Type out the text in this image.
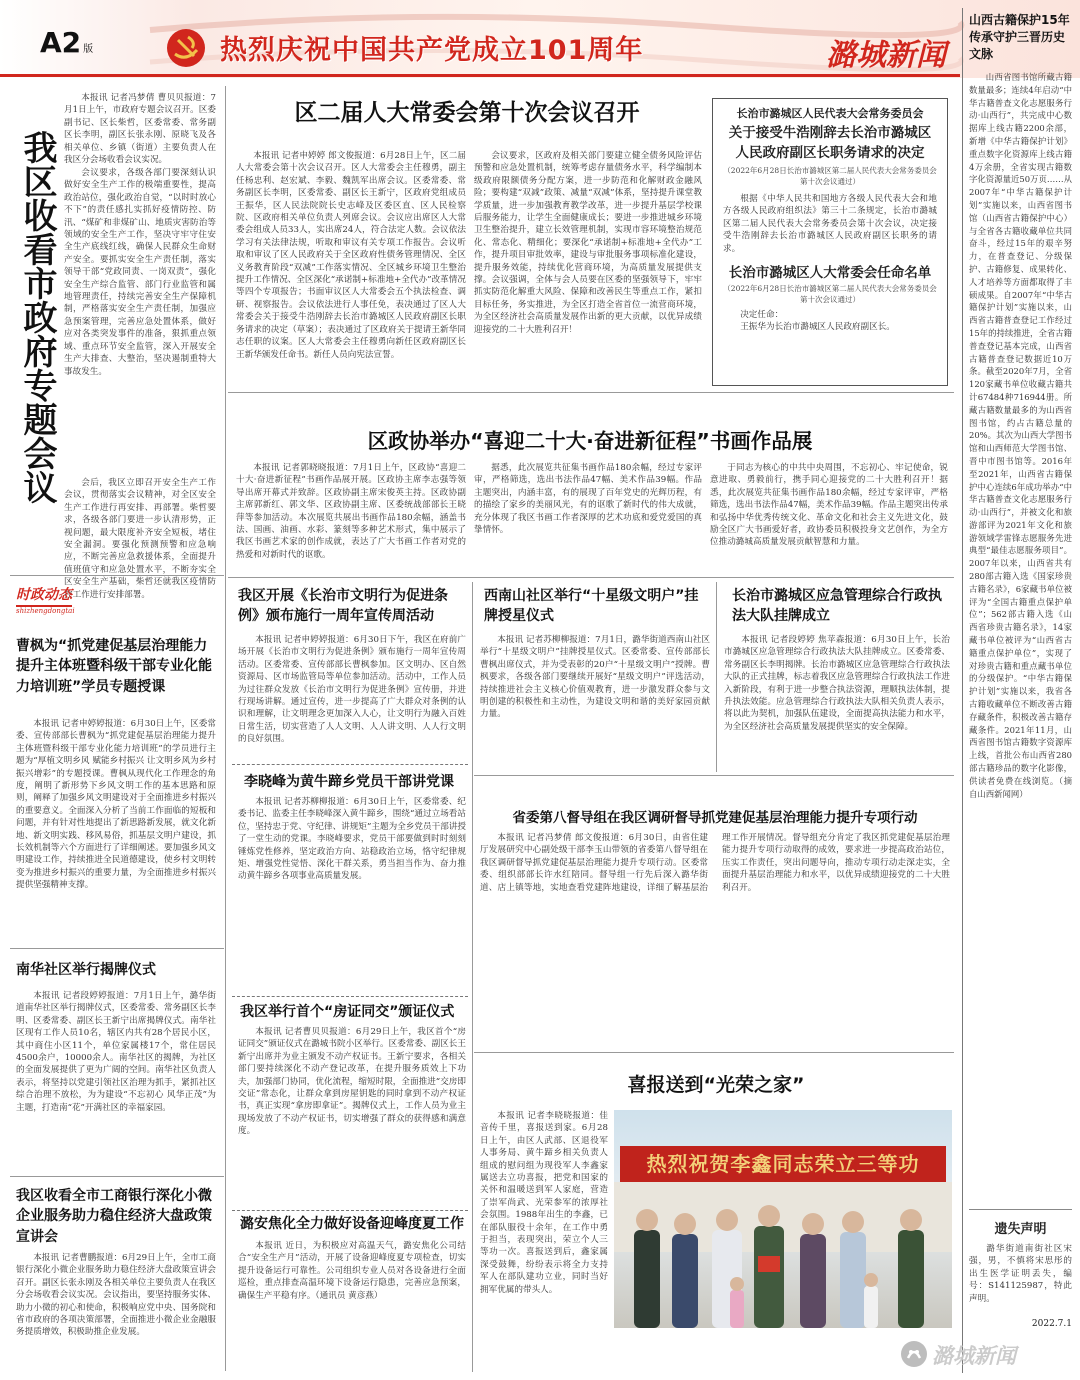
A2 版	热烈庆祝中国共产党成立101周年	潞城新闻
山西古籍保护15年传承守护三晋历史文脉
山西省图书馆所藏古籍数量最多；连续4年启动“中华古籍普查文化志愿服务行动·山西行”，共完成中心数据库上线古籍2200余部，新增《中华古籍保护计划》重点数字化资源库上线古籍4万余册，全省实现古籍数字化资源量近50万页……从2007年“中华古籍保护计划”实施以来，山西省图书馆（山西省古籍保护中心）与全省各古籍收藏单位共同奋斗，经过15年的艰辛努力，在普查登记、分级保护、古籍修复、成果转化、人才培养等方面都取得了丰硕成果。自2007年“中华古籍保护计划”实施以来，山西省古籍普查登记工作经过15年的持续推进，全省古籍普查登记基本完成，山西省古籍普查登记数据近10万条。截至2020年7月，全省120家藏书单位收藏古籍共计67484种716944册。所藏古籍数量最多的为山西省图书馆，约占古籍总量的20%。其次为山西大学图书馆和山西师范大学图书馆、晋中市图书馆等。2016年至2021年，山西省古籍保护中心连续6年成功举办“中华古籍普查文化志愿服务行动·山西行”，并被文化和旅游部评为2021年文化和旅游领域学雷锋志愿服务先进典型“最佳志愿服务项目”。2007年以来，山西省共有280部古籍入选《国家珍贵古籍名录》，6家藏书单位被评为“全国古籍重点保护单位”；562部古籍入选《山西省珍贵古籍名录》，14家藏书单位被评为“山西省古籍重点保护单位”，实现了对珍贵古籍和重点藏书单位的分级保护。“中华古籍保护计划”实施以来，我省各古籍收藏单位不断改善古籍存藏条件，积极改善古籍存藏条件。2021年11月，山西省图书馆古籍数字资源库上线，首批公布山西省280部古籍珍品的数字化影像，供读者免费在线浏览。（摘自山西新闻网）
遗失声明
潞华街道南街社区宋强，男，不慎将宋思彤的出生医学证明丢失，编号：S141125987，特此声明。
2022.7.1
我区收看市政府专题会议
本报讯 记者冯梦倩 曹贝贝报道：7月1日上午，市政府专题会议召开。区委副书记、区长柴哲，区委常委、常务副区长李明，副区长张永刚、原晓飞及各相关单位、乡镇（街道）主要负责人在我区分会场收看会议实况。
会议要求，各级各部门要深刻认识做好安全生产工作的极端重要性，提高政治站位，强化政治自觉，“以时时放心不下”的责任感扎实抓好疫情防控、防汛、“煤矿和非煤矿山、地质灾害防治等领域的安全生产工作，坚决守牢守住安全生产底线红线，确保人民群众生命财产安全。要抓实安全生产责任制，落实领导干部“党政同责、一岗双责”，强化安全生产综合监管、部门行业监管和属地管理责任，持续完善安全生产保障机制，严格落实安全生产责任制，加强应急预案管理，完善应急处置体系，做好应对各类突发事件的准备，狠抓重点领域、重点环节安全监管，深入开展安全生产大排查、大整治，坚决遏制重特大事故发生。
会后，我区立即召开安全生产工作会议，贯彻落实会议精神，对全区安全生产工作进行再安排、再部署。柴哲要求，各级各部门要进一步认清形势，正视问题，最大限度补齐安全短板，堵住安全漏洞。要强化预测预警和应急响应，不断完善应急救援体系，全面提升值班值守和应急处置水平，不断夯实全区安全生产基础，柴哲还就我区疫情防控工作进行安排部署。
时政动态
shizhengdongtai
曹枫为“抓党建促基层治理能力提升主体班暨科级干部专业化能力培训班”学员专题授课
本报讯 记者申婷婷报道：6月30日上午，区委常委、宣传部部长曹枫为“抓党建促基层治理能力提升主体班暨科级干部专业化能力培训班”的学员进行主题为“厚植文明乡风 赋能乡村振兴 让文明乡风为乡村振兴增彩”的专题授课。曹枫从现代化工作理念的角度，阐明了新形势下乡风文明工作的基本思路和原则，阐释了加强乡风文明建设对于全面推进乡村振兴的重要意义。全面深入分析了当前工作面临的短板和问题，并有针对性地提出了新思路新发展，就文化新地、新文明实践、移风易俗，抓基层文明户建设，抓长效机制等六个方面进行了详细阐述。要加强乡风文明建设工作，持续推进全民道德建设，使乡村文明转变为推进乡村振兴的重要力量，为全面推进乡村振兴提供坚强精神支撑。
南华社区举行揭牌仪式
本报讯 记者段婷婷报道：7月1日上午，潞华街道南华社区举行揭牌仪式，区委常委、常务副区长李明、区委常委、副区长王新宁出席揭牌仪式。南华社区现有工作人员10名，辖区内共有28个居民小区，其中商住小区11个，单位家属楼17个，常住居民4500余户，10000余人。南华社区的揭牌，为社区的全面发展提供了更为广阔的空间。南华社区负责人表示，将坚持以党建引领社区治理为抓手，紧抓社区综合治理不放松，为为建设“不忘初心 风华正茂”为主题，打造南“花”开满社区的幸福家园。
我区收看全市工商银行深化小微企业服务助力稳住经济大盘政策宣讲会
本报讯 记者曹鹏报道：6月29日上午，全市工商银行深化小微企业服务助力稳住经济大盘政策宣讲会召开。副区长张永刚及各相关单位主要负责人在我区分会场收看会议实况。会议指出，要坚持服务实体、助力小微的初心和使命，积极响应党中央、国务院和省市政府的各项决策部署，全面推进小微企业金融服务提质增效，积极助推企业发展。
区二届人大常委会第十次会议召开
本报讯 记者申婷婷 郎文俊报道：6月28日上午，区二届人大常委会第十次会议召开。区人大常委会主任穆勇，副主任杨忠利、赵宏斌、李毅、魏凯军出席会议。区委常委、常务副区长李明，区委常委、副区长王新宁，区政府党组成员王振华，区人民法院院长史志峰及区委区直、区人民检察院、区政府相关单位负责人列席会议。会议应出席区人大常委会组成人员33人，实出席24人，符合法定人数。会议依法学习有关法律法规，听取和审议有关专项工作报告。会议听取和审议了区人民政府关于全区政府性债务管理情况、全区义务教育阶段“双减”工作落实情况、全区城乡环境卫生整治提升工作情况、全区深化“承诺制+标准地+全代办”改革情况等四个专项报告；书面审议区人大常委会五个执法检查、调研、视察报告。会议依法进行人事任免，表决通过了区人大常委会关于接受牛浩刚辞去长治市潞城区人民政府副区长职务请求的决定（草案）；表决通过了区政府关于提请王新华同志任职的议案。区人大常委会主任穆勇向新任区政府副区长王新华颁发任命书。新任人员向宪法宣誓。
会议要求，区政府及相关部门要建立健全债务风险评估预警和应急处置机制，统筹考虑存量债务水平，科学编制本级政府限额债务分配方案，进一步防范和化解财政金融风险；要构建“双减”政策、减量“双减”体系，坚持提升课堂教学质量，进一步加强教育教学改革，进一步提升基层学校课后服务能力，让学生全面健康成长；要进一步推进城乡环境卫生整治提升，建立长效管理机制，实现市容环境整治规范化、常态化、精细化；要深化“承诺制+标准地+全代办”工作，提升项目审批效率，建设与审批服务事项标准化建设，提升服务效能，持续优化营商环境，为高质量发展提供支撑。会议强调，全体与会人员要在区委的坚强领导下，牢牢抓实防范化解重大风险、保障和改善民生等重点工作，紧扣目标任务，务实推进，为全区打造全省首位一流营商环境，为全区经济社会高质量发展作出新的更大贡献，以优异成绩迎接党的二十大胜利召开！
长治市潞城区人民代表大会常务委员会
关于接受牛浩刚辞去长治市潞城区人民政府副区长职务请求的决定
（2022年6月28日长治市潞城区第二届人民代表大会常务委员会第十次会议通过）
根据《中华人民共和国地方各级人民代表大会和地方各级人民政府组织法》第三十二条规定，长治市潞城区第二届人民代表大会常务委员会第十次会议，决定接受牛浩刚辞去长治市潞城区人民政府副区长职务的请求。
长治市潞城区人大常委会任命名单
（2022年6月28日长治市潞城区第二届人民代表大会常务委员会第十次会议通过）
决定任命：
王振华为长治市潞城区人民政府副区长。
区政协举办“喜迎二十大·奋进新征程”书画作品展
本报讯 记者郭晓晓报道：7月1日上午，区政协“喜迎二十大·奋进新征程”书画作品展开展。区政协主席李志强等领导出席开幕式并致辞。区政协副主席宋俊英主持。区政协副主席郭新红、郭文华、区政协副主席、区委统战部部长王晓萍等参加活动。本次展览共展出书画作品180余幅，涵盖书法、国画、油画、水彩、篆刻等多种艺术形式，集中展示了我区书画艺术家的创作成就，表达了广大书画工作者对党的热爱和对新时代的讴歌。
据悉，此次展览共征集书画作品180余幅，经过专家评审，严格筛选，选出书法作品47幅、美术作品39幅。作品主题突出，内涵丰富，有的展现了百年党史的光辉历程，有的描绘了家乡的美丽风光，有的讴歌了新时代的伟大成就，充分体现了我区书画工作者深厚的艺术功底和爱党爱国的真挚情怀。
于同志为核心的中共中央周围，不忘初心、牢记使命，锐意进取、勇毅前行，携手同心迎接党的二十大胜利召开！据悉，此次展览共征集书画作品180余幅，经过专家评审，严格筛选，选出书法作品47幅，美术作品39幅。作品主题突出传承和弘扬中华优秀传统文化、革命文化和社会主义先进文化，鼓励全区广大书画爱好者，政协委员积极投身文艺创作，为全方位推动潞城高质量发展贡献智慧和力量。
我区开展《长治市文明行为促进条例》颁布施行一周年宣传周活动
本报讯 记者申婷婷报道：6月30日下午，我区在府前广场开展《长治市文明行为促进条例》颁布施行一周年宣传周活动。区委常委、宣传部部长曹枫参加。区文明办、区自然资源局、区市场监管局等单位参加活动。活动中，工作人员为过往群众发放《长治市文明行为促进条例》宣传册，并进行现场讲解。通过宣传，进一步提高了广大群众对条例的认识和理解，让文明理念更加深入人心，让文明行为融入百姓日常生活，切实营造了人人文明、人人讲文明、人人行文明的良好氛围。
李晓峰为黄牛蹄乡党员干部讲党课
本报讯 记者苏柳柳报道：6月30日上午，区委常委、纪委书记、监委主任李晓峰深入黄牛蹄乡，围绕“通过立场看站位，坚持忠于党、守纪律、讲规矩”主题为全乡党员干部讲授了一堂生动的党课。李晓峰要求，党员干部要做到时时刻刻锤炼党性修养，坚定政治方向、站稳政治立场，恪守纪律规矩、增强党性觉悟、深化干群关系，勇当担当作为、奋力推动黄牛蹄乡各项事业高质量发展。
我区举行首个“房证同交”颁证仪式
本报讯 记者曹贝贝报道：6月29日上午，我区首个“房证同交”颁证仪式在潞城书院小区举行。区委常委、副区长王新宁出席并为业主颁发不动产权证书。王新宁要求，各相关部门要持续深化不动产登记改革，在提升服务质效上下功夫，加强部门协同，优化流程，缩短时限，全面推进“交房即交证”常态化，让群众拿到房屋钥匙的同时拿到不动产权证书，真正实现“拿房即拿证”。揭牌仪式上，工作人员为业主现场发放了不动产权证书，切实增强了群众的获得感和满意度。
潞安焦化全力做好设备迎峰度夏工作
本报讯 近日，为积极应对高温天气，潞安焦化公司结合“安全生产月”活动，开展了设备迎峰度夏专项检查，切实提升设备运行可靠性。公司组织专业人员对各设备进行全面巡检，重点排查高温环境下设备运行隐患，完善应急预案，确保生产平稳有序。（通讯员 黄彦燕）
西南山社区举行“十星级文明户”挂牌授星仪式
本报讯 记者苏柳柳报道：7月1日，潞华街道西南山社区举行“十星级文明户”挂牌授星仪式。区委常委、宣传部部长曹枫出席仪式，并为受表彰的20户“十星级文明户”授牌。曹枫要求，各级各部门要继续开展好“星级文明户”评选活动，持续推进社会主义核心价值观教育，进一步激发群众参与文明创建的积极性和主动性，为建设文明和谐的美好家园贡献力量。
长治市潞城区应急管理综合行政执法大队挂牌成立
本报讯 记者段婷婷 焦苹森报道：6月30日上午，长治市潞城区应急管理综合行政执法大队挂牌成立。区委常委、常务副区长李明揭牌。长治市潞城区应急管理综合行政执法大队的正式挂牌，标志着我区应急管理综合行政执法工作进入新阶段，有利于进一步整合执法资源，理顺执法体制，提升执法效能。应急管理综合行政执法大队相关负责人表示，将以此为契机，加强队伍建设，全面提高执法能力和水平，为全区经济社会高质量发展提供坚实的安全保障。
省委第八督导组在我区调研督导抓党建促基层治理能力提升专项行动
本报讯 记者冯梦倩 郎文俊报道：6月30日，由省住建厅发展研究中心副处级干部李玉山带领的省委第八督导组在我区调研督导抓党建促基层治理能力提升专项行动。区委常委、组织部部长许水红陪同。督导组一行先后深入潞华街道、店上镇等地，实地查看党建阵地建设，详细了解基层治理工作开展情况。督导组充分肯定了我区抓党建促基层治理能力提升专项行动取得的成效，要求进一步提高政治站位，压实工作责任，突出问题导向，推动专项行动走深走实，全面提升基层治理能力和水平，以优异成绩迎接党的二十大胜利召开。
喜报送到“光荣之家”
本报讯 记者李晓晓报道：佳音传千里，喜报送到家。6月28日上午，由区人武部、区退役军人事务局、黄牛蹄乡相关负责人组成的慰问组为现役军人李鑫家属送去立功喜报，把党和国家的关怀和温暖送到军人家庭，营造了崇军尚武、光荣参军的浓厚社会氛围。1988年出生的李鑫，已在部队服役十余年，在工作中勇于担当，表现突出，荣立个人三等功一次。喜报送到后，鑫家属深受鼓舞，纷纷表示将全力支持军人在部队建功立业，同时当好拥军优属的带头人。
热烈祝贺李鑫同志荣立三等功
潞城新闻
